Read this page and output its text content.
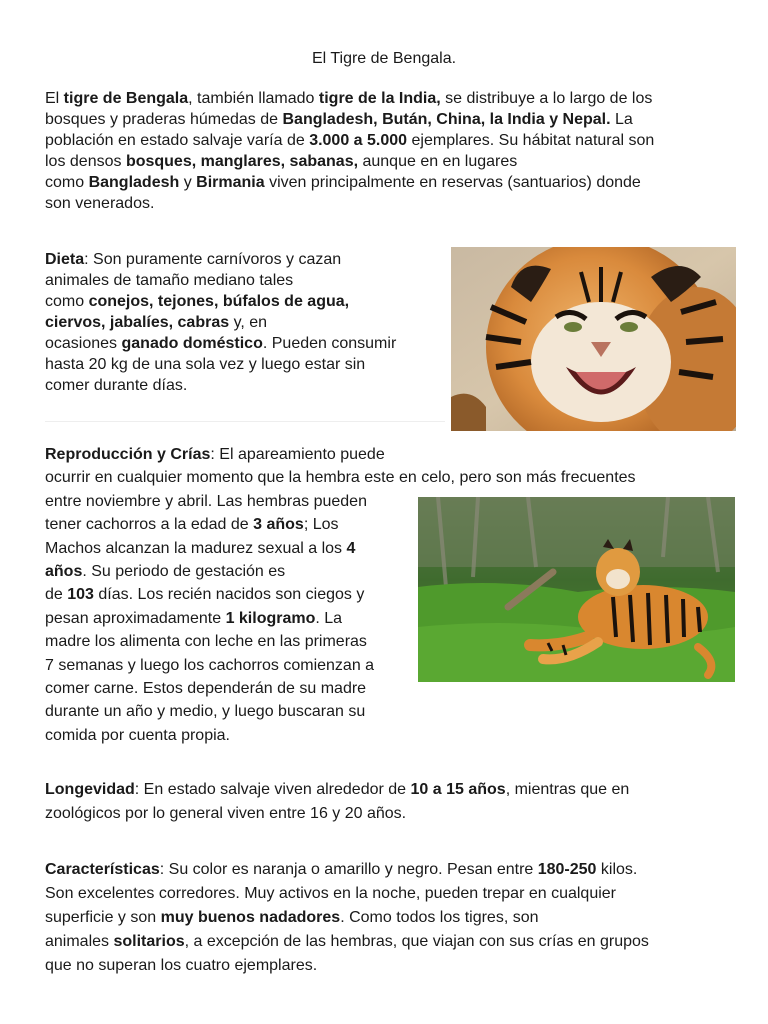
El Tigre de Bengala.
El tigre de Bengala, también llamado tigre de la India, se distribuye a lo largo de los
bosques y praderas húmedas de Bangladesh, Bután, China, la India y Nepal. La
población en estado salvaje varía de 3.000 a 5.000 ejemplares. Su hábitat natural son
los densos bosques, manglares, sabanas, aunque en en lugares
como Bangladesh y Birmania viven principalmente en reservas (santuarios) donde
son venerados.
Dieta: Son puramente carnívoros y cazan
animales de tamaño mediano tales
como conejos, tejones, búfalos de agua,
ciervos, jabalíes, cabras y, en
ocasiones ganado doméstico. Pueden consumir
hasta 20 kg de una sola vez y luego estar sin
comer durante días.
Reproducción y Crías: El apareamiento puede
ocurrir en cualquier momento que la hembra este en celo, pero son más frecuentes
entre noviembre y abril. Las hembras pueden
tener cachorros a la edad de 3 años; Los
Machos alcanzan la madurez sexual a los 4
años. Su periodo de gestación es
de 103 días. Los recién nacidos son ciegos y
pesan aproximadamente 1 kilogramo. La
madre los alimenta con leche en las primeras
7 semanas y luego los cachorros comienzan a
comer carne. Estos dependerán de su madre
durante un año y medio, y luego buscaran su
comida por cuenta propia.
Longevidad: En estado salvaje viven alrededor de 10 a 15 años, mientras que en
zoológicos por lo general viven entre 16 y 20 años.
Características: Su color es naranja o amarillo y negro. Pesan entre 180-250 kilos.
Son excelentes corredores. Muy activos en la noche, pueden trepar en cualquier
superficie y son muy buenos nadadores. Como todos los tigres, son
animales solitarios, a excepción de las hembras, que viajan con sus crías en grupos
que no superan los cuatro ejemplares.
